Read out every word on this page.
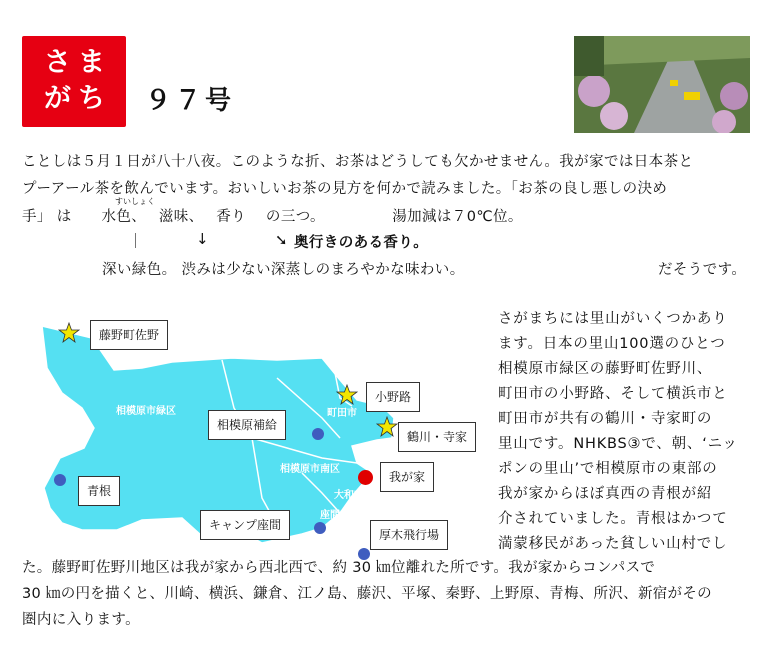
さ ま
が ち ９７号
ことしは５月１日が八十八夜。このような折、お茶はどうしても欠かせません。我が家では日本茶と
プーアール茶を飲んでいます。おいしいお茶の見方を何かで読みました。「お茶の良し悪しの決め
すいしょく
手」 は　　水色、　 滋味、　 香り　 の三つ。　　　　　湯加減は７0℃位。
｜	↓	➘ 奥行きのある香り。
深い緑色。 渋みは少ない深蒸しのまろやかな味わい。	だそうです。
相模原市緑区	町田市
相模原市南区
大和市
座間市
藤野町佐野
小野路
相模原補給
鶴川・寺家
我が家
青根
キャンプ座間
厚木飛行場
さがまちには里山がいくつかあり
ます。日本の里山100選のひとつ
相模原市緑区の藤野町佐野川、
町田市の小野路、そして横浜市と
町田市が共有の鶴川・寺家町の
里山です。NHKBS③で、朝、‘ニッ
ポンの里山’で相模原市の東部の
我が家からほぼ真西の青根が紹
介されていました。青根はかつて
満蒙移民があった貧しい山村でし
た。藤野町佐野川地区は我が家から西北西で、約 30 ㎞位離れた所です。我が家からコンパスで
30 ㎞の円を描くと、川崎、横浜、鎌倉、江ノ島、藤沢、平塚、秦野、上野原、青梅、所沢、新宿がその
圏内に入ります。
